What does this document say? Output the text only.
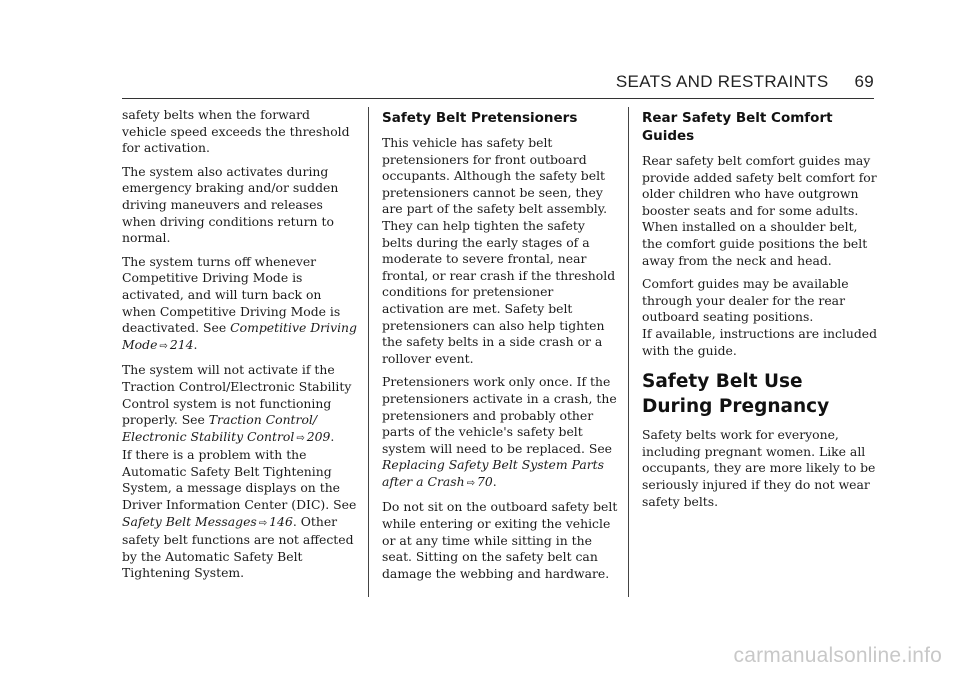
SEATS AND RESTRAINTS 69

safety belts when the forward vehicle speed exceeds the threshold for activation.

The system also activates during emergency braking and/or sudden driving maneuvers and releases when driving conditions return to normal.

The system turns off whenever Competitive Driving Mode is activated, and will turn back on when Competitive Driving Mode is deactivated. See Competitive Driving Mode ⇨ 214.

The system will not activate if the Traction Control/Electronic Stability Control system is not functioning properly. See Traction Control/ Electronic Stability Control ⇨ 209.

If there is a problem with the Automatic Safety Belt Tightening System, a message displays on the Driver Information Center (DIC). See Safety Belt Messages ⇨ 146. Other safety belt functions are not affected by the Automatic Safety Belt Tightening System.

Safety Belt Pretensioners

This vehicle has safety belt pretensioners for front outboard occupants. Although the safety belt pretensioners cannot be seen, they are part of the safety belt assembly. They can help tighten the safety belts during the early stages of a moderate to severe frontal, near frontal, or rear crash if the threshold conditions for pretensioner activation are met. Safety belt pretensioners can also help tighten the safety belts in a side crash or a rollover event.

Pretensioners work only once. If the pretensioners activate in a crash, the pretensioners and probably other parts of the vehicle's safety belt system will need to be replaced. See Replacing Safety Belt System Parts after a Crash ⇨ 70.

Do not sit on the outboard safety belt while entering or exiting the vehicle or at any time while sitting in the seat. Sitting on the safety belt can damage the webbing and hardware.

Rear Safety Belt Comfort Guides

Rear safety belt comfort guides may provide added safety belt comfort for older children who have outgrown booster seats and for some adults. When installed on a shoulder belt, the comfort guide positions the belt away from the neck and head.

Comfort guides may be available through your dealer for the rear outboard seating positions.

If available, instructions are included with the guide.

Safety Belt Use During Pregnancy

Safety belts work for everyone, including pregnant women. Like all occupants, they are more likely to be seriously injured if they do not wear safety belts.

carmanualsonline.info
